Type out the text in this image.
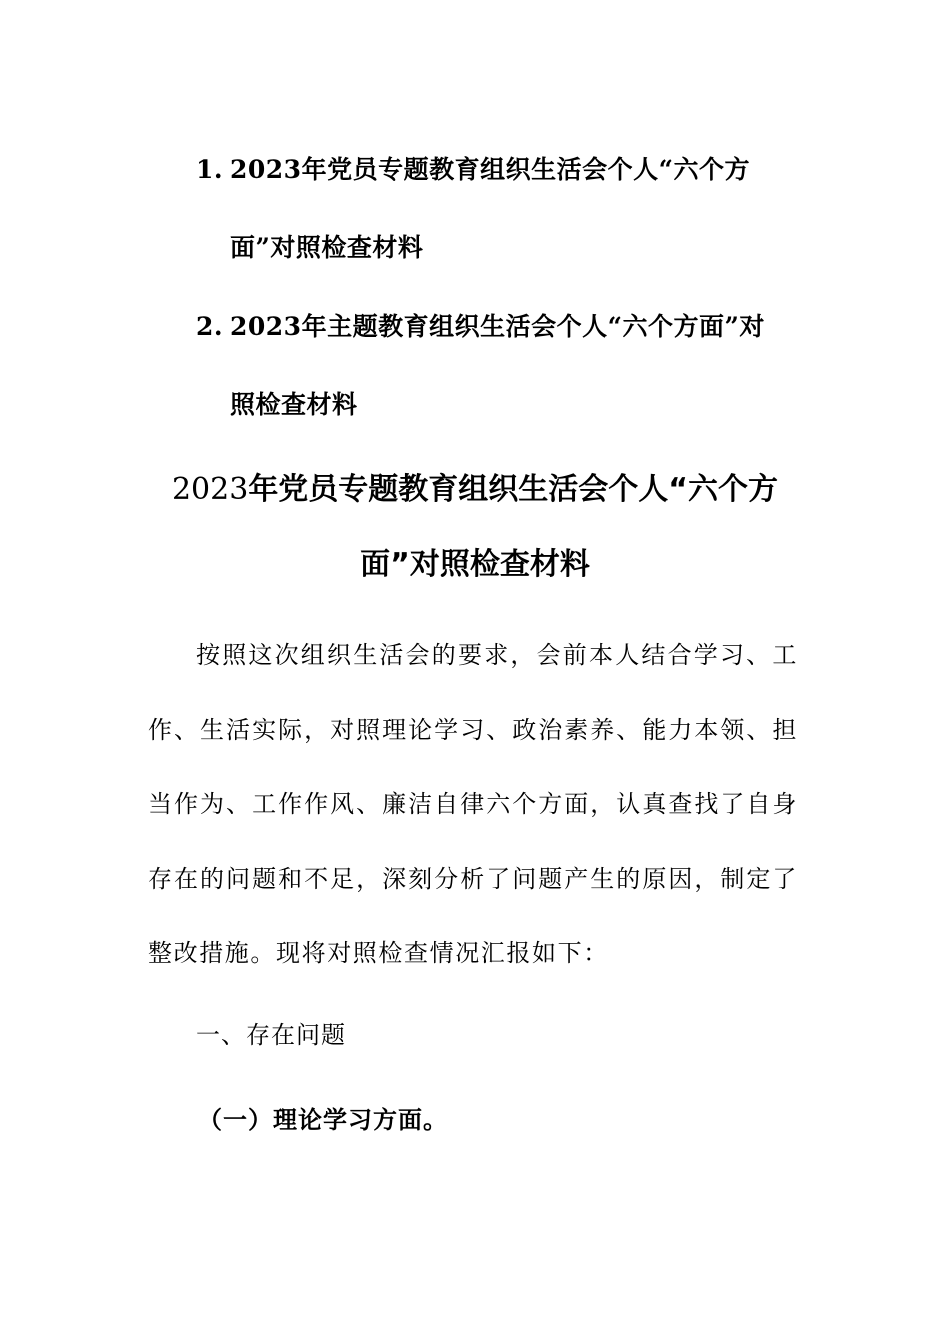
1. 2023年党员专题教育组织生活会个人“六个方
面”对照检查材料
2. 2023年主题教育组织生活会个人“六个方面”对
照检查材料
2023年党员专题教育组织生活会个人“六个方面”对照检查材料
按照这次组织生活会的要求，会前本人结合学习、工作、生活实际，对照理论学习、政治素养、能力本领、担当作为、工作作风、廉洁自律六个方面，认真查找了自身存在的问题和不足，深刻分析了问题产生的原因，制定了整改措施。现将对照检查情况汇报如下：
一、存在问题
（一）理论学习方面。
